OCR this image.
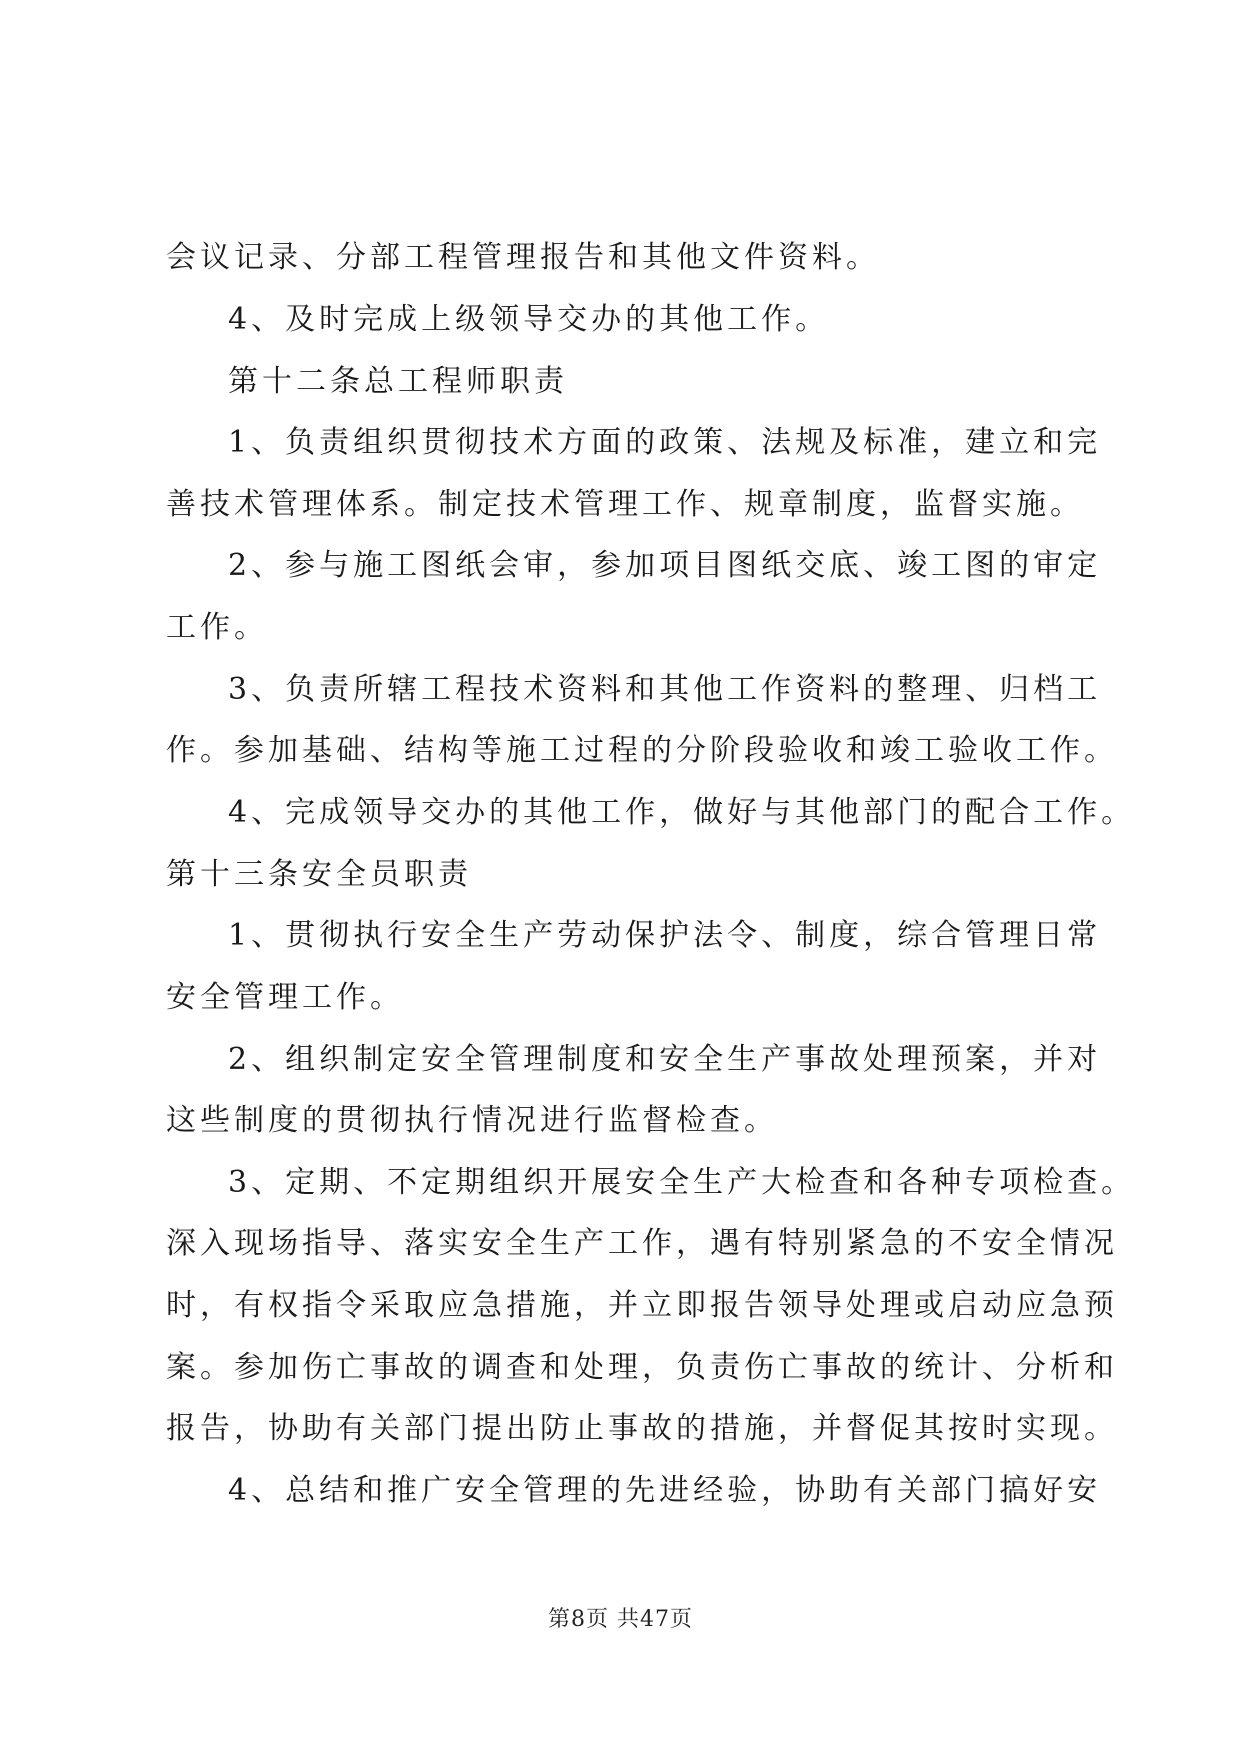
会议记录、分部工程管理报告和其他文件资料。
4、及时完成上级领导交办的其他工作。
第十二条总工程师职责
1、负责组织贯彻技术方面的政策、法规及标准，建立和完
善技术管理体系。制定技术管理工作、规章制度，监督实施。
2、参与施工图纸会审，参加项目图纸交底、竣工图的审定
工作。
3、负责所辖工程技术资料和其他工作资料的整理、归档工
作。参加基础、结构等施工过程的分阶段验收和竣工验收工作。
4、完成领导交办的其他工作，做好与其他部门的配合工作。
第十三条安全员职责
1、贯彻执行安全生产劳动保护法令、制度，综合管理日常
安全管理工作。
2、组织制定安全管理制度和安全生产事故处理预案，并对
这些制度的贯彻执行情况进行监督检查。
3、定期、不定期组织开展安全生产大检查和各种专项检查。
深入现场指导、落实安全生产工作，遇有特别紧急的不安全情况
时，有权指令采取应急措施，并立即报告领导处理或启动应急预
案。参加伤亡事故的调查和处理，负责伤亡事故的统计、分析和
报告，协助有关部门提出防止事故的措施，并督促其按时实现。
4、总结和推广安全管理的先进经验，协助有关部门搞好安
第8页 共47页
